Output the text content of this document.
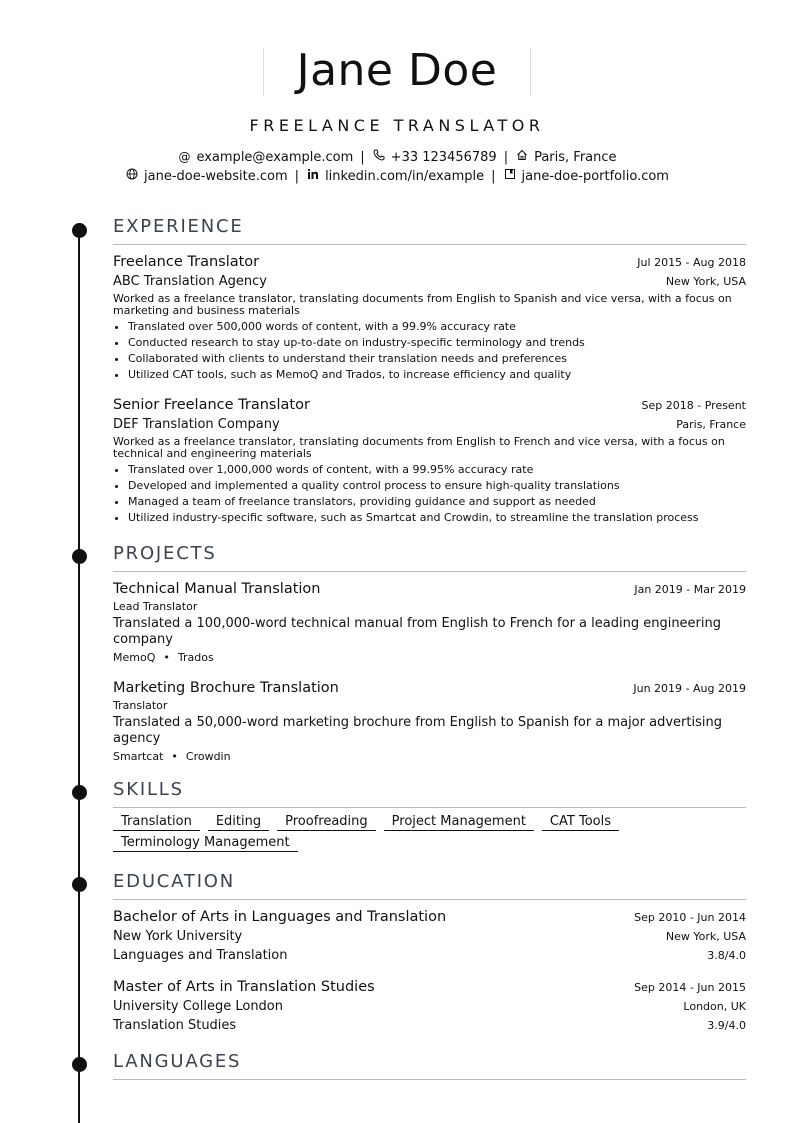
Jane Doe
FREELANCE TRANSLATOR
@ example@example.com | +33 123456789 | Paris, France
jane-doe-website.com | linkedin.com/in/example | jane-doe-portfolio.com
EXPERIENCE
Freelance Translator	Jul 2015 - Aug 2018
ABC Translation Agency	New York, USA
Worked as a freelance translator, translating documents from English to Spanish and vice versa, with a focus on marketing and business materials
• Translated over 500,000 words of content, with a 99.9% accuracy rate
• Conducted research to stay up-to-date on industry-specific terminology and trends
• Collaborated with clients to understand their translation needs and preferences
• Utilized CAT tools, such as MemoQ and Trados, to increase efficiency and quality
Senior Freelance Translator	Sep 2018 - Present
DEF Translation Company	Paris, France
Worked as a freelance translator, translating documents from English to French and vice versa, with a focus on technical and engineering materials
• Translated over 1,000,000 words of content, with a 99.95% accuracy rate
• Developed and implemented a quality control process to ensure high-quality translations
• Managed a team of freelance translators, providing guidance and support as needed
• Utilized industry-specific software, such as Smartcat and Crowdin, to streamline the translation process
PROJECTS
Technical Manual Translation	Jan 2019 - Mar 2019
Lead Translator
Translated a 100,000-word technical manual from English to French for a leading engineering company
MemoQ • Trados
Marketing Brochure Translation	Jun 2019 - Aug 2019
Translator
Translated a 50,000-word marketing brochure from English to Spanish for a major advertising agency
Smartcat • Crowdin
SKILLS
Translation	Editing	Proofreading	Project Management	CAT Tools
Terminology Management
EDUCATION
Bachelor of Arts in Languages and Translation	Sep 2010 - Jun 2014
New York University	New York, USA
Languages and Translation	3.8/4.0
Master of Arts in Translation Studies	Sep 2014 - Jun 2015
University College London	London, UK
Translation Studies	3.9/4.0
LANGUAGES
